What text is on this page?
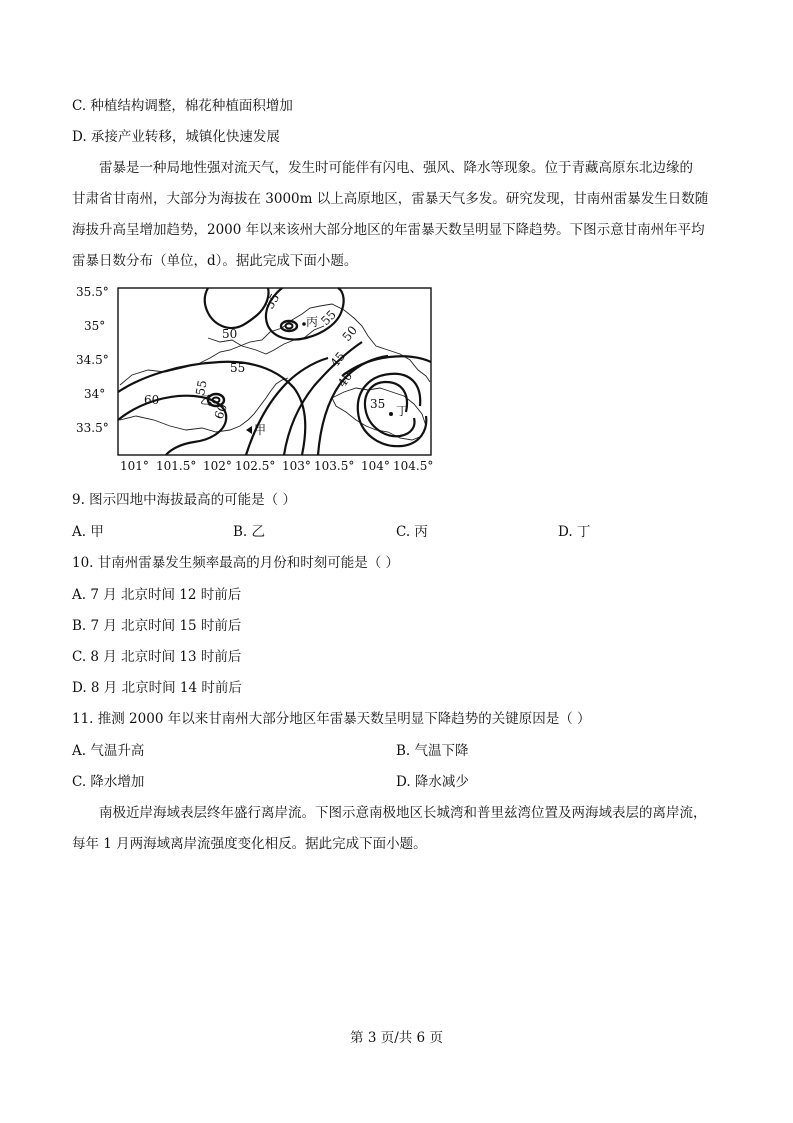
C. 种植结构调整，棉花种植面积增加
D. 承接产业转移，城镇化快速发展
雷暴是一种局地性强对流天气，发生时可能伴有闪电、强风、降水等现象。位于青藏高原东北边缘的
甘肃省甘南州，大部分为海拔在 3000m 以上高原地区，雷暴天气多发。研究发现，甘南州雷暴发生日数随
海拔升高呈增加趋势，2000 年以来该州大部分地区的年雷暴天数呈明显下降趋势。下图示意甘南州年平均
雷暴日数分布（单位，d）。据此完成下面小题。
35.5°
35°
34.5°
34°
33.5°
101° 101.5° 102° 102.5° 103° 103.5° 104° 104.5°
55
50
55
55
50
45
40
60
60	35
55
丙
乙
丁
甲
9. 图示四地中海拔最高的可能是（ ）
A. 甲	B. 乙	C. 丙	D. 丁
10. 甘南州雷暴发生频率最高的月份和时刻可能是（ ）
A. 7 月 北京时间 12 时前后
B. 7 月 北京时间 15 时前后
C. 8 月 北京时间 13 时前后
D. 8 月 北京时间 14 时前后
11. 推测 2000 年以来甘南州大部分地区年雷暴天数呈明显下降趋势的关键原因是（ ）
A. 气温升高	B. 气温下降
C. 降水增加	D. 降水减少
南极近岸海域表层终年盛行离岸流。下图示意南极地区长城湾和普里兹湾位置及两海域表层的离岸流，
每年 1 月两海域离岸流强度变化相反。据此完成下面小题。
第 3 页/共 6 页
